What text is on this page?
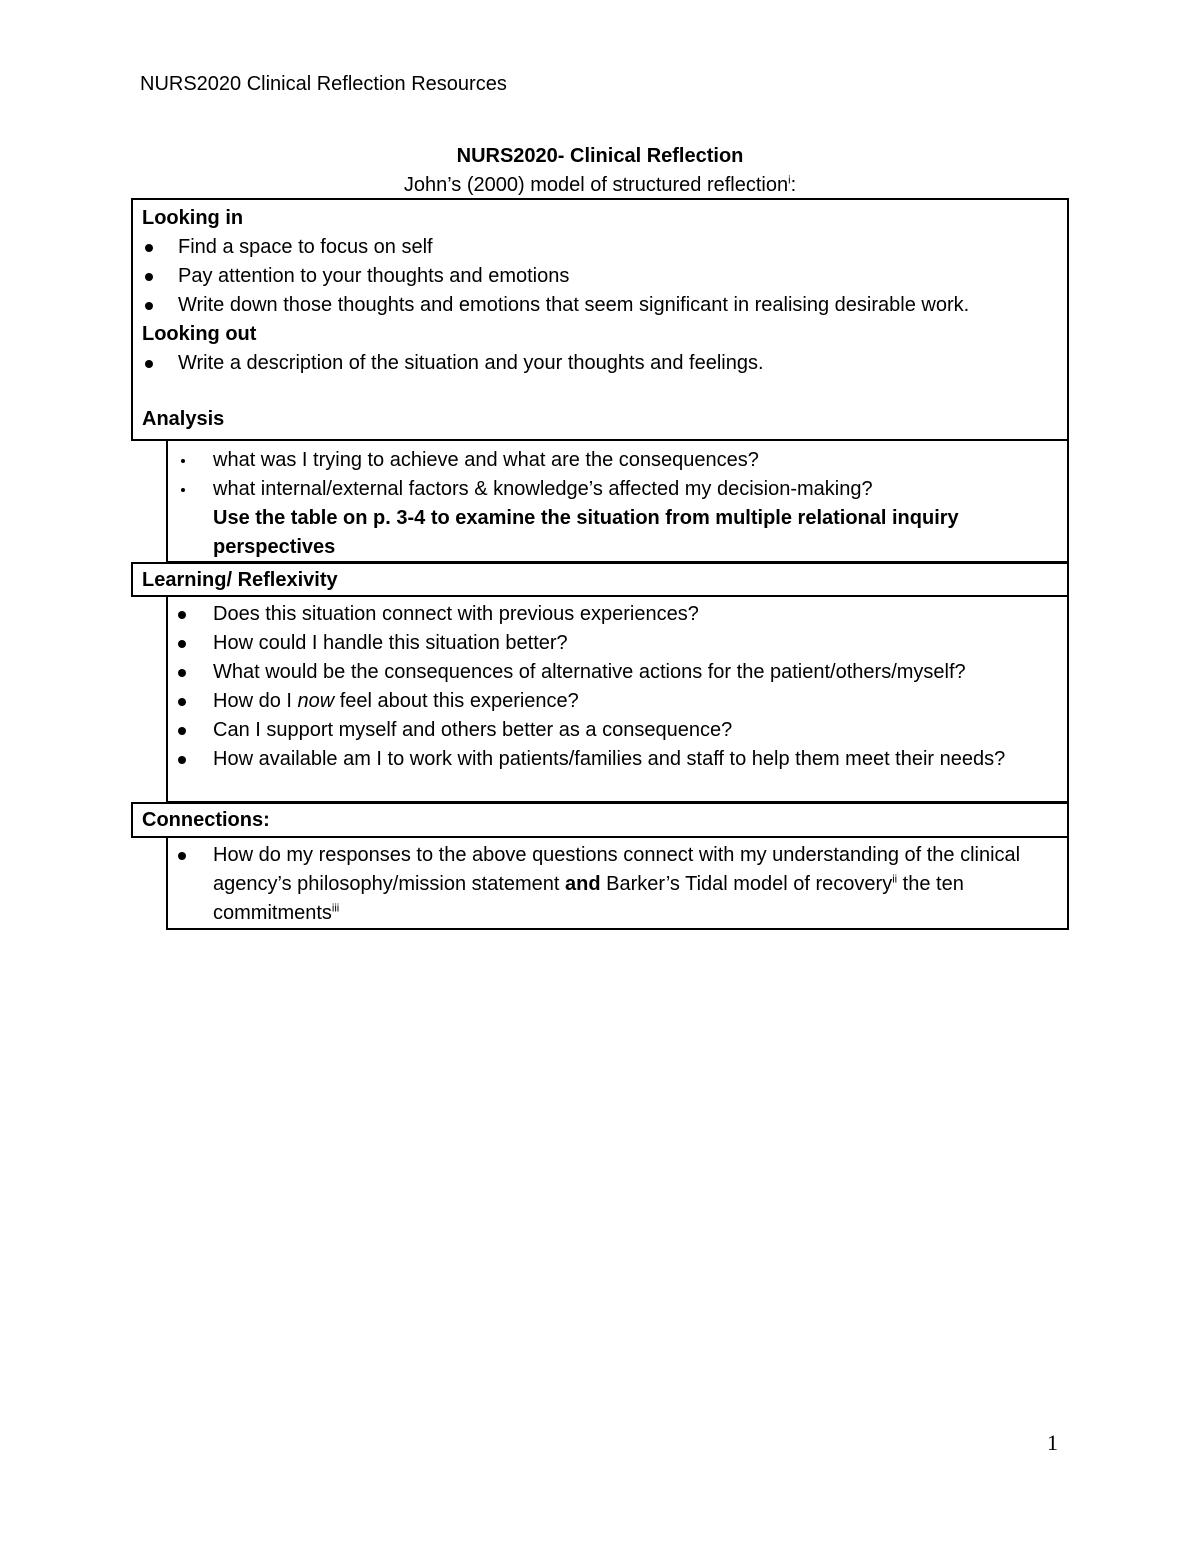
NURS2020 Clinical Reflection Resources
NURS2020- Clinical Reflection
John’s (2000) model of structured reflection$^i$:
Looking in
Find a space to focus on self
Pay attention to your thoughts and emotions
Write down those thoughts and emotions that seem significant in realising desirable work.
Looking out
Write a description of the situation and your thoughts and feelings.
Analysis
what was I trying to achieve and what are the consequences?
what internal/external factors & knowledge’s affected my decision-making?
Use the table on p. 3-4 to examine the situation from multiple relational inquiry perspectives
Learning/ Reflexivity
Does this situation connect with previous experiences?
How could I handle this situation better?
What would be the consequences of alternative actions for the patient/others/myself?
How do I now feel about this experience?
Can I support myself and others better as a consequence?
How available am I to work with patients/families and staff to help them meet their needs?
Connections:
How do my responses to the above questions connect with my understanding of the clinical agency’s philosophy/mission statement and Barker’s Tidal model of recovery$^{ii}$ the ten commitments$^{iii}$
1
